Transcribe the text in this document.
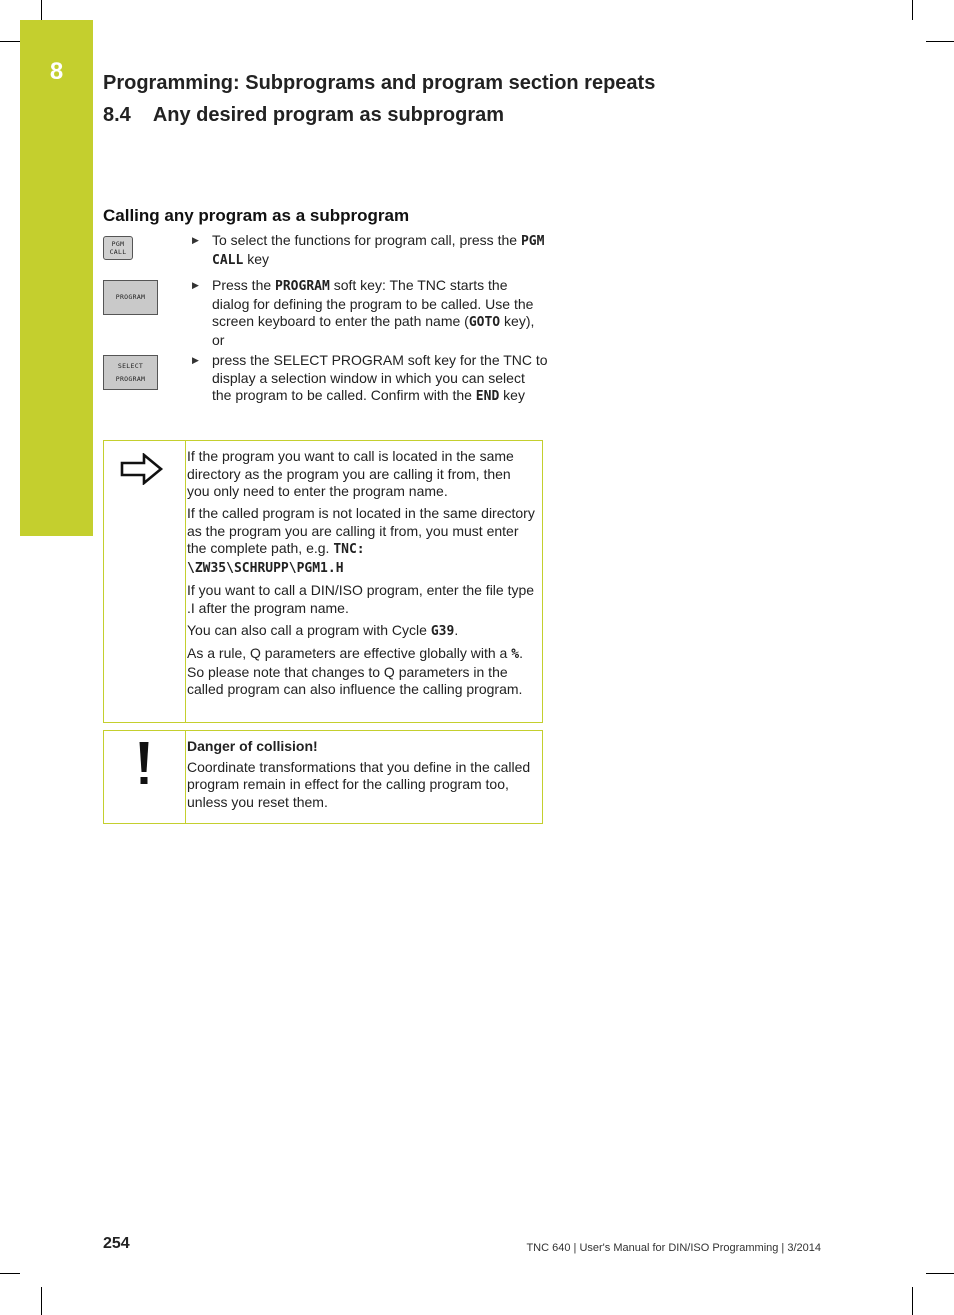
8	Programming: Subprograms and program section repeats
8.4 Any desired program as subprogram
Calling any program as a subprogram
PGM
CALL
PROGRAM
SELECT
PROGRAM
▶ To select the functions for program call, press the PGM CALL key
▶ Press the PROGRAM soft key: The TNC starts the dialog for defining the program to be called. Use the screen keyboard to enter the path name (GOTO key), or
▶ press the SELECT PROGRAM soft key for the TNC to display a selection window in which you can select the program to be called. Confirm with the END key

If the program you want to call is located in the same directory as the program you are calling it from, then you only need to enter the program name.

If the called program is not located in the same directory as the program you are calling it from, you must enter the complete path, e.g. TNC:
\ZW35\SCHRUPP\PGM1.H

If you want to call a DIN/ISO program, enter the file type .I after the program name.

You can also call a program with Cycle G39.

As a rule, Q parameters are effective globally with a %. So please note that changes to Q parameters in the called program can also influence the calling program.

Danger of collision!

Coordinate transformations that you define in the called program remain in effect for the calling program too, unless you reset them.

254	TNC 640 | User's Manual for DIN/ISO Programming | 3/2014
